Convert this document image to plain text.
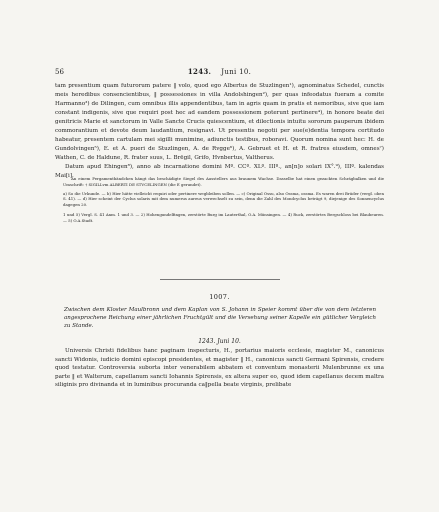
56	1243. Juni 10.

tam presentium quam futurorum patere ‖ volo, quod ego Albertus de Stuzlingen¹), agnominatus Schedel, cunctis meis heredibus consencientibus, ‖ possessiones in villa Andolshingen²), per quas infeodatus fueram a comite Harmanno³) de Dilingen, cum omnibus illis appendentibus, tam in agris quam in pratis et nemoribus, sive que iam constant indigenis, sive que requiri post hec ad eandem possessionem poterunt pertinere⁴), in honore beate dei genitricis Marie et sanctorum in Valle Sancte Crucis quiescentium, et dilectionis intuitu sororum pauperum ibidem commorantium et devote deum laudantium, resignavi. Ut presentis negotii per sue(e)dentia tempora certitudo habeatur, presentem cartulam mei sigilli munimine, adiunctis testibus, roboravi. Quorum nomina sunt hec: H. de Gundolvingen⁵), E. et A. pueri de Stuzlingen, A. de Rvgge⁶), A. Gebruet et H. et R. fratres eiusdem, omnes⁷) Wathen, C. de Haldune, R. frater suus, L. Brēgil, Grifo, Hvnbertus, Valtherus.

Datum apud Ehingen⁸), anno ab incarnatione domini Mº. CCº. XLº. IIIº., an[n]o solari IX°.⁹), IIIº. kalendas Mai[i].

An einem Pergamentbändchen hängt das beschädigte Siegel des Ausstellers aus braunem Wachse. Dasselbe hat einen gezackten Schrägbalken und die Umschrift: † SIGILLvm ALBERTI DE STVCELINGEN (die E gerundet).

a) So die Urkunde. — b) Hier hätte vielleicht requiri oder pertinere wegbleiben sollen. — c) Original Ossu, also Ossma, ossma. Es waren drei Brüder (vergl. oben S. 41). — d) Hier scheint der Cyclus solaris mit dem numerus aureus verwechselt zu sein, denn die Zahl des Mondcyclus beträgt 9, diejenige des Sonnencyclus dagegen 20.

1 und 5) Vergl. S. 41 Anm. 1 und 3. — 2) Hohengundelfingen, zerstörte Burg im Lauterthal, O.A. Münsingen. — 4) Ruck, zerstörtes Bergschloss bei Blaubeuren. — 5) O.A.Stadt.

1007.
Zwischen dem Kloster Maulbronn und dem Kaplan von S. Johann in Speier kommt über die von dem letzteren angesprochene Reichung einer jährlichen Fruchtgült und die Versehung seiner Kapelle ein gütlicher Vergleich zu Stande.
1243. Juni 10.
Universis Christi fidelibus hanc paginam inspecturis, H., portarius maioris ecclesie, magister M., canonicus sancti Widonis, iudicio domini episcopi presidentes, et magister ‖ H., canonicus sancti Germani Spirensis, credere quod testatur. Controversia suborta inter venerabilem abbatem et conventum monasterii Mulenbrunne ex una parte ‖ et Walterum, capellanum sancti Iohannis Spirensis, ex altera super eo, quod idem capellanus decem maltra siliginis pro divinanda et in luminibus procuranda ca‖pella beate virginis, prelibate
